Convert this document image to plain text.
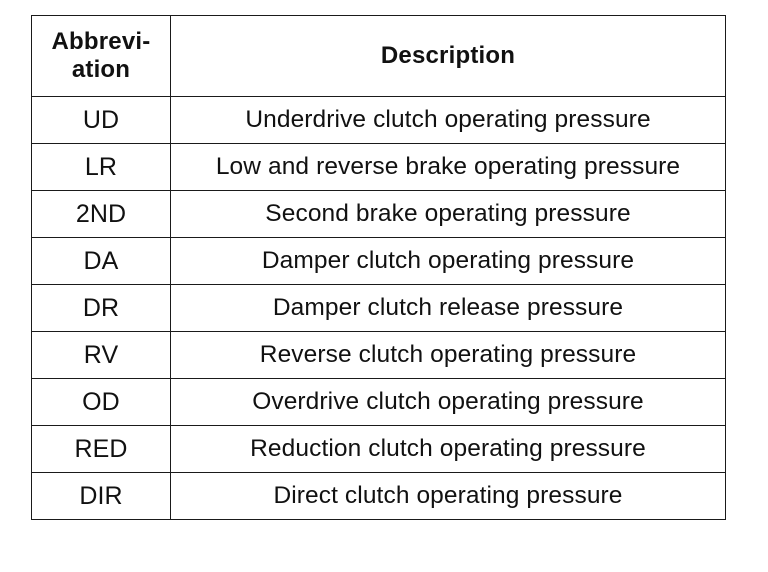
Abbrevi-
ation	Description
UD	Underdrive clutch operating pressure
LR	Low and reverse brake operating pressure
2ND	Second brake operating pressure
DA	Damper clutch operating pressure
DR	Damper clutch release pressure
RV	Reverse clutch operating pressure
OD	Overdrive clutch operating pressure
RED	Reduction clutch operating pressure
DIR	Direct clutch operating pressure
